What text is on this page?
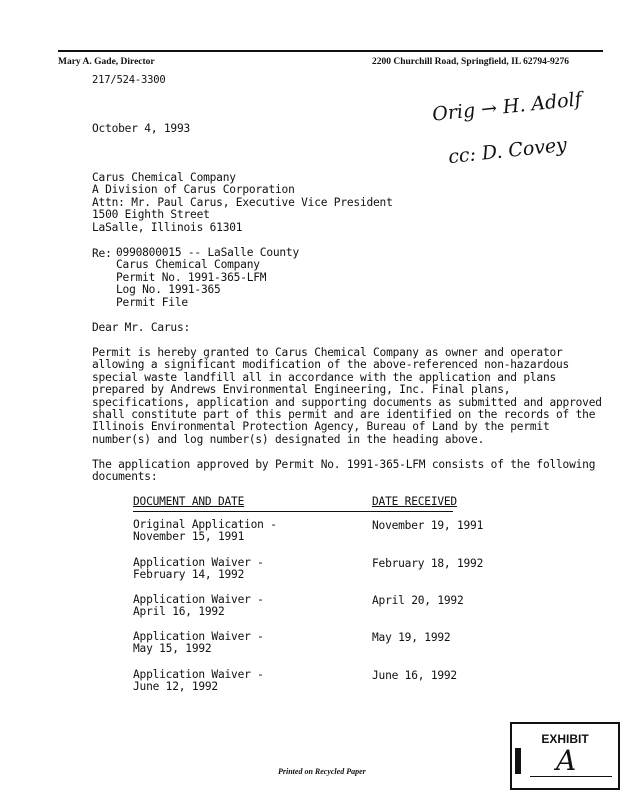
Mary A. Gade, Director	2200 Churchill Road, Springfield, IL 62794-9276
217/524-3300
Orig → H. Adolf
cc: D. Covey
October 4, 1993
Carus Chemical Company
A Division of Carus Corporation
Attn: Mr. Paul Carus, Executive Vice President
1500 Eighth Street
LaSalle, Illinois 61301
Re: 0990800015 -- LaSalle County
Carus Chemical Company
Permit No. 1991-365-LFM
Log No. 1991-365
Permit File
Dear Mr. Carus:
Permit is hereby granted to Carus Chemical Company as owner and operator
allowing a significant modification of the above-referenced non-hazardous
special waste landfill all in accordance with the application and plans
prepared by Andrews Environmental Engineering, Inc. Final plans,
specifications, application and supporting documents as submitted and approved
shall constitute part of this permit and are identified on the records of the
Illinois Environmental Protection Agency, Bureau of Land by the permit
number(s) and log number(s) designated in the heading above.
The application approved by Permit No. 1991-365-LFM consists of the following
documents:
DOCUMENT AND DATE	DATE RECEIVED
Original Application -
November 15, 1991
November 19, 1991
Application Waiver -
February 14, 1992
February 18, 1992
Application Waiver -
April 16, 1992
April 20, 1992
Application Waiver -
May 15, 1992
May 19, 1992
Application Waiver -
June 12, 1992
June 16, 1992
Printed on Recycled Paper
EXHIBIT
A
